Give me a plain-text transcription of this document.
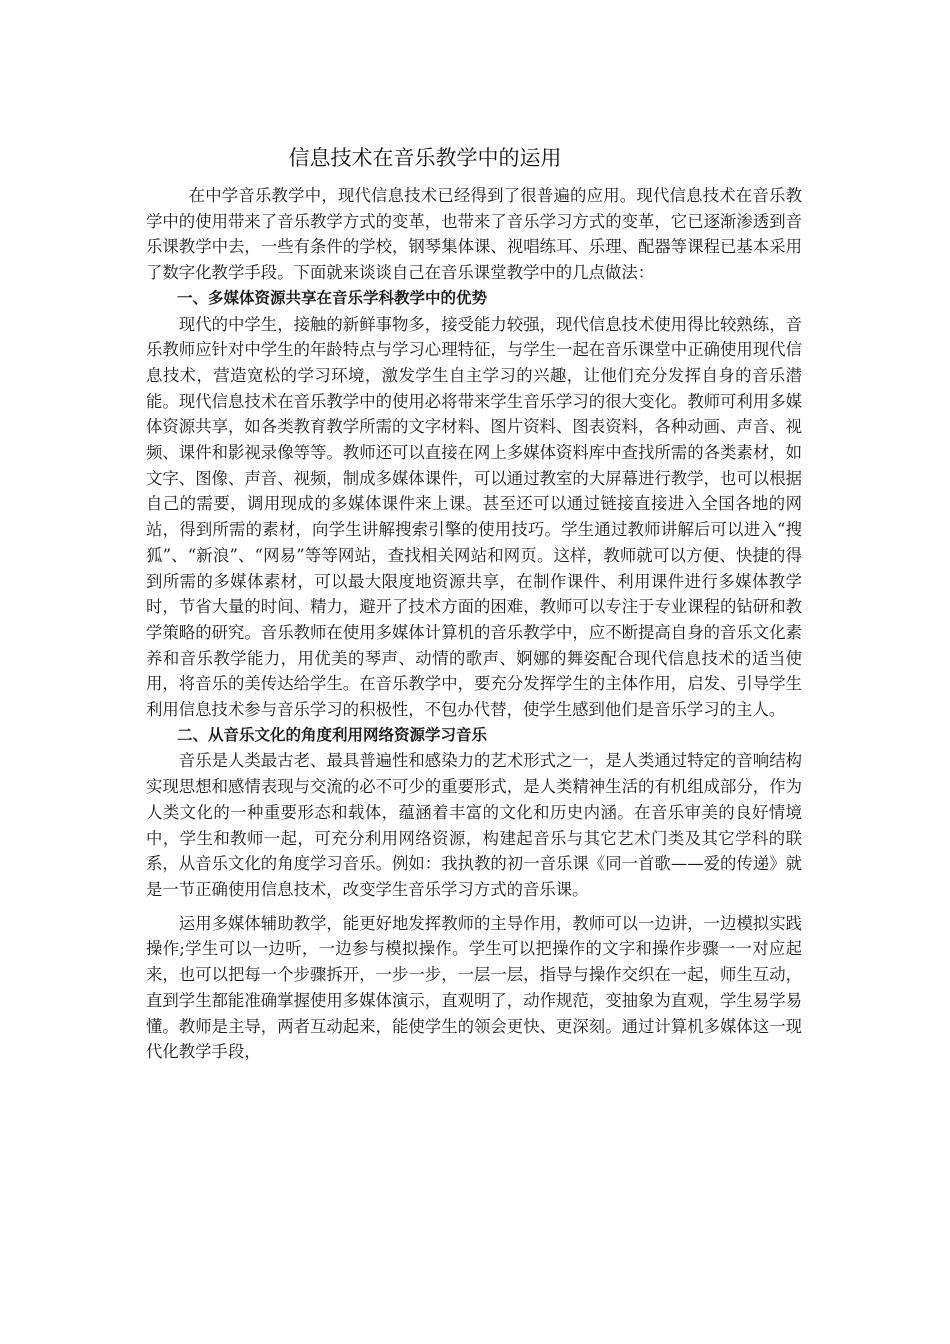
信息技术在音乐教学中的运用

在中学音乐教学中，现代信息技术已经得到了很普遍的应用。现代信息技术在音乐教学中的使用带来了音乐教学方式的变革，也带来了音乐学习方式的变革，它已逐渐渗透到音乐课教学中去，一些有条件的学校，钢琴集体课、视唱练耳、乐理、配器等课程已基本采用了数字化教学手段。下面就来谈谈自己在音乐课堂教学中的几点做法：

一、多媒体资源共享在音乐学科教学中的优势

现代的中学生，接触的新鲜事物多，接受能力较强，现代信息技术使用得比较熟练，音乐教师应针对中学生的年龄特点与学习心理特征，与学生一起在音乐课堂中正确使用现代信息技术，营造宽松的学习环境，激发学生自主学习的兴趣，让他们充分发挥自身的音乐潜能。现代信息技术在音乐教学中的使用必将带来学生音乐学习的很大变化。教师可利用多媒体资源共享，如各类教育教学所需的文字材料、图片资料、图表资料，各种动画、声音、视频、课件和影视录像等等。教师还可以直接在网上多媒体资料库中查找所需的各类素材，如文字、图像、声音、视频，制成多媒体课件，可以通过教室的大屏幕进行教学，也可以根据自己的需要，调用现成的多媒体课件来上课。甚至还可以通过链接直接进入全国各地的网站，得到所需的素材，向学生讲解搜索引擎的使用技巧。学生通过教师讲解后可以进入“搜狐”、“新浪”、“网易”等等网站，查找相关网站和网页。这样，教师就可以方便、快捷的得到所需的多媒体素材，可以最大限度地资源共享，在制作课件、利用课件进行多媒体教学时，节省大量的时间、精力，避开了技术方面的困难，教师可以专注于专业课程的钻研和教学策略的研究。音乐教师在使用多媒体计算机的音乐教学中，应不断提高自身的音乐文化素养和音乐教学能力，用优美的琴声、动情的歌声、婀娜的舞姿配合现代信息技术的适当使用，将音乐的美传达给学生。在音乐教学中，要充分发挥学生的主体作用，启发、引导学生利用信息技术参与音乐学习的积极性，不包办代替，使学生感到他们是音乐学习的主人。

二、从音乐文化的角度利用网络资源学习音乐

音乐是人类最古老、最具普遍性和感染力的艺术形式之一，是人类通过特定的音响结构实现思想和感情表现与交流的必不可少的重要形式，是人类精神生活的有机组成部分，作为人类文化的一种重要形态和载体，蕴涵着丰富的文化和历史内涵。在音乐审美的良好情境中，学生和教师一起，可充分利用网络资源，构建起音乐与其它艺术门类及其它学科的联系，从音乐文化的角度学习音乐。例如：我执教的初一音乐课《同一首歌——爱的传递》就是一节正确使用信息技术，改变学生音乐学习方式的音乐课。

运用多媒体辅助教学，能更好地发挥教师的主导作用，教师可以一边讲，一边模拟实践操作;学生可以一边听，一边参与模拟操作。学生可以把操作的文字和操作步骤一一对应起来，也可以把每一个步骤拆开，一步一步，一层一层，指导与操作交织在一起，师生互动，直到学生都能准确掌握使用多媒体演示，直观明了，动作规范，变抽象为直观，学生易学易懂。教师是主导，两者互动起来，能使学生的领会更快、更深刻。通过计算机多媒体这一现代化教学手段，
